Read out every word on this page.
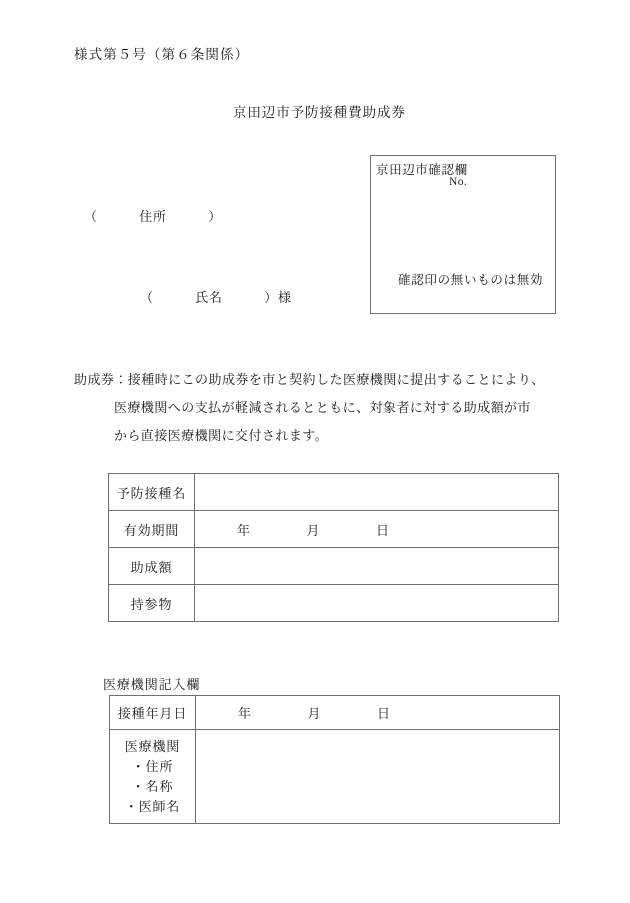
様式第５号（第６条関係）
京田辺市予防接種費助成券
京田辺市確認欄
No.
確認印の無いものは無効
（　　　住所　　　）
（　　　氏名　　　）様
助成券：接種時にこの助成券を市と契約した医療機関に提出することにより、
医療機関への支払が軽減されるとともに、対象者に対する助成額が市
から直接医療機関に交付されます。
予防接種名	
有効期間	年　　　　月　　　　日
助成額	
持参物	
医療機関記入欄
接種年月日	年　　　　月　　　　日

医療機関
・住所
・名称
・医師名	
